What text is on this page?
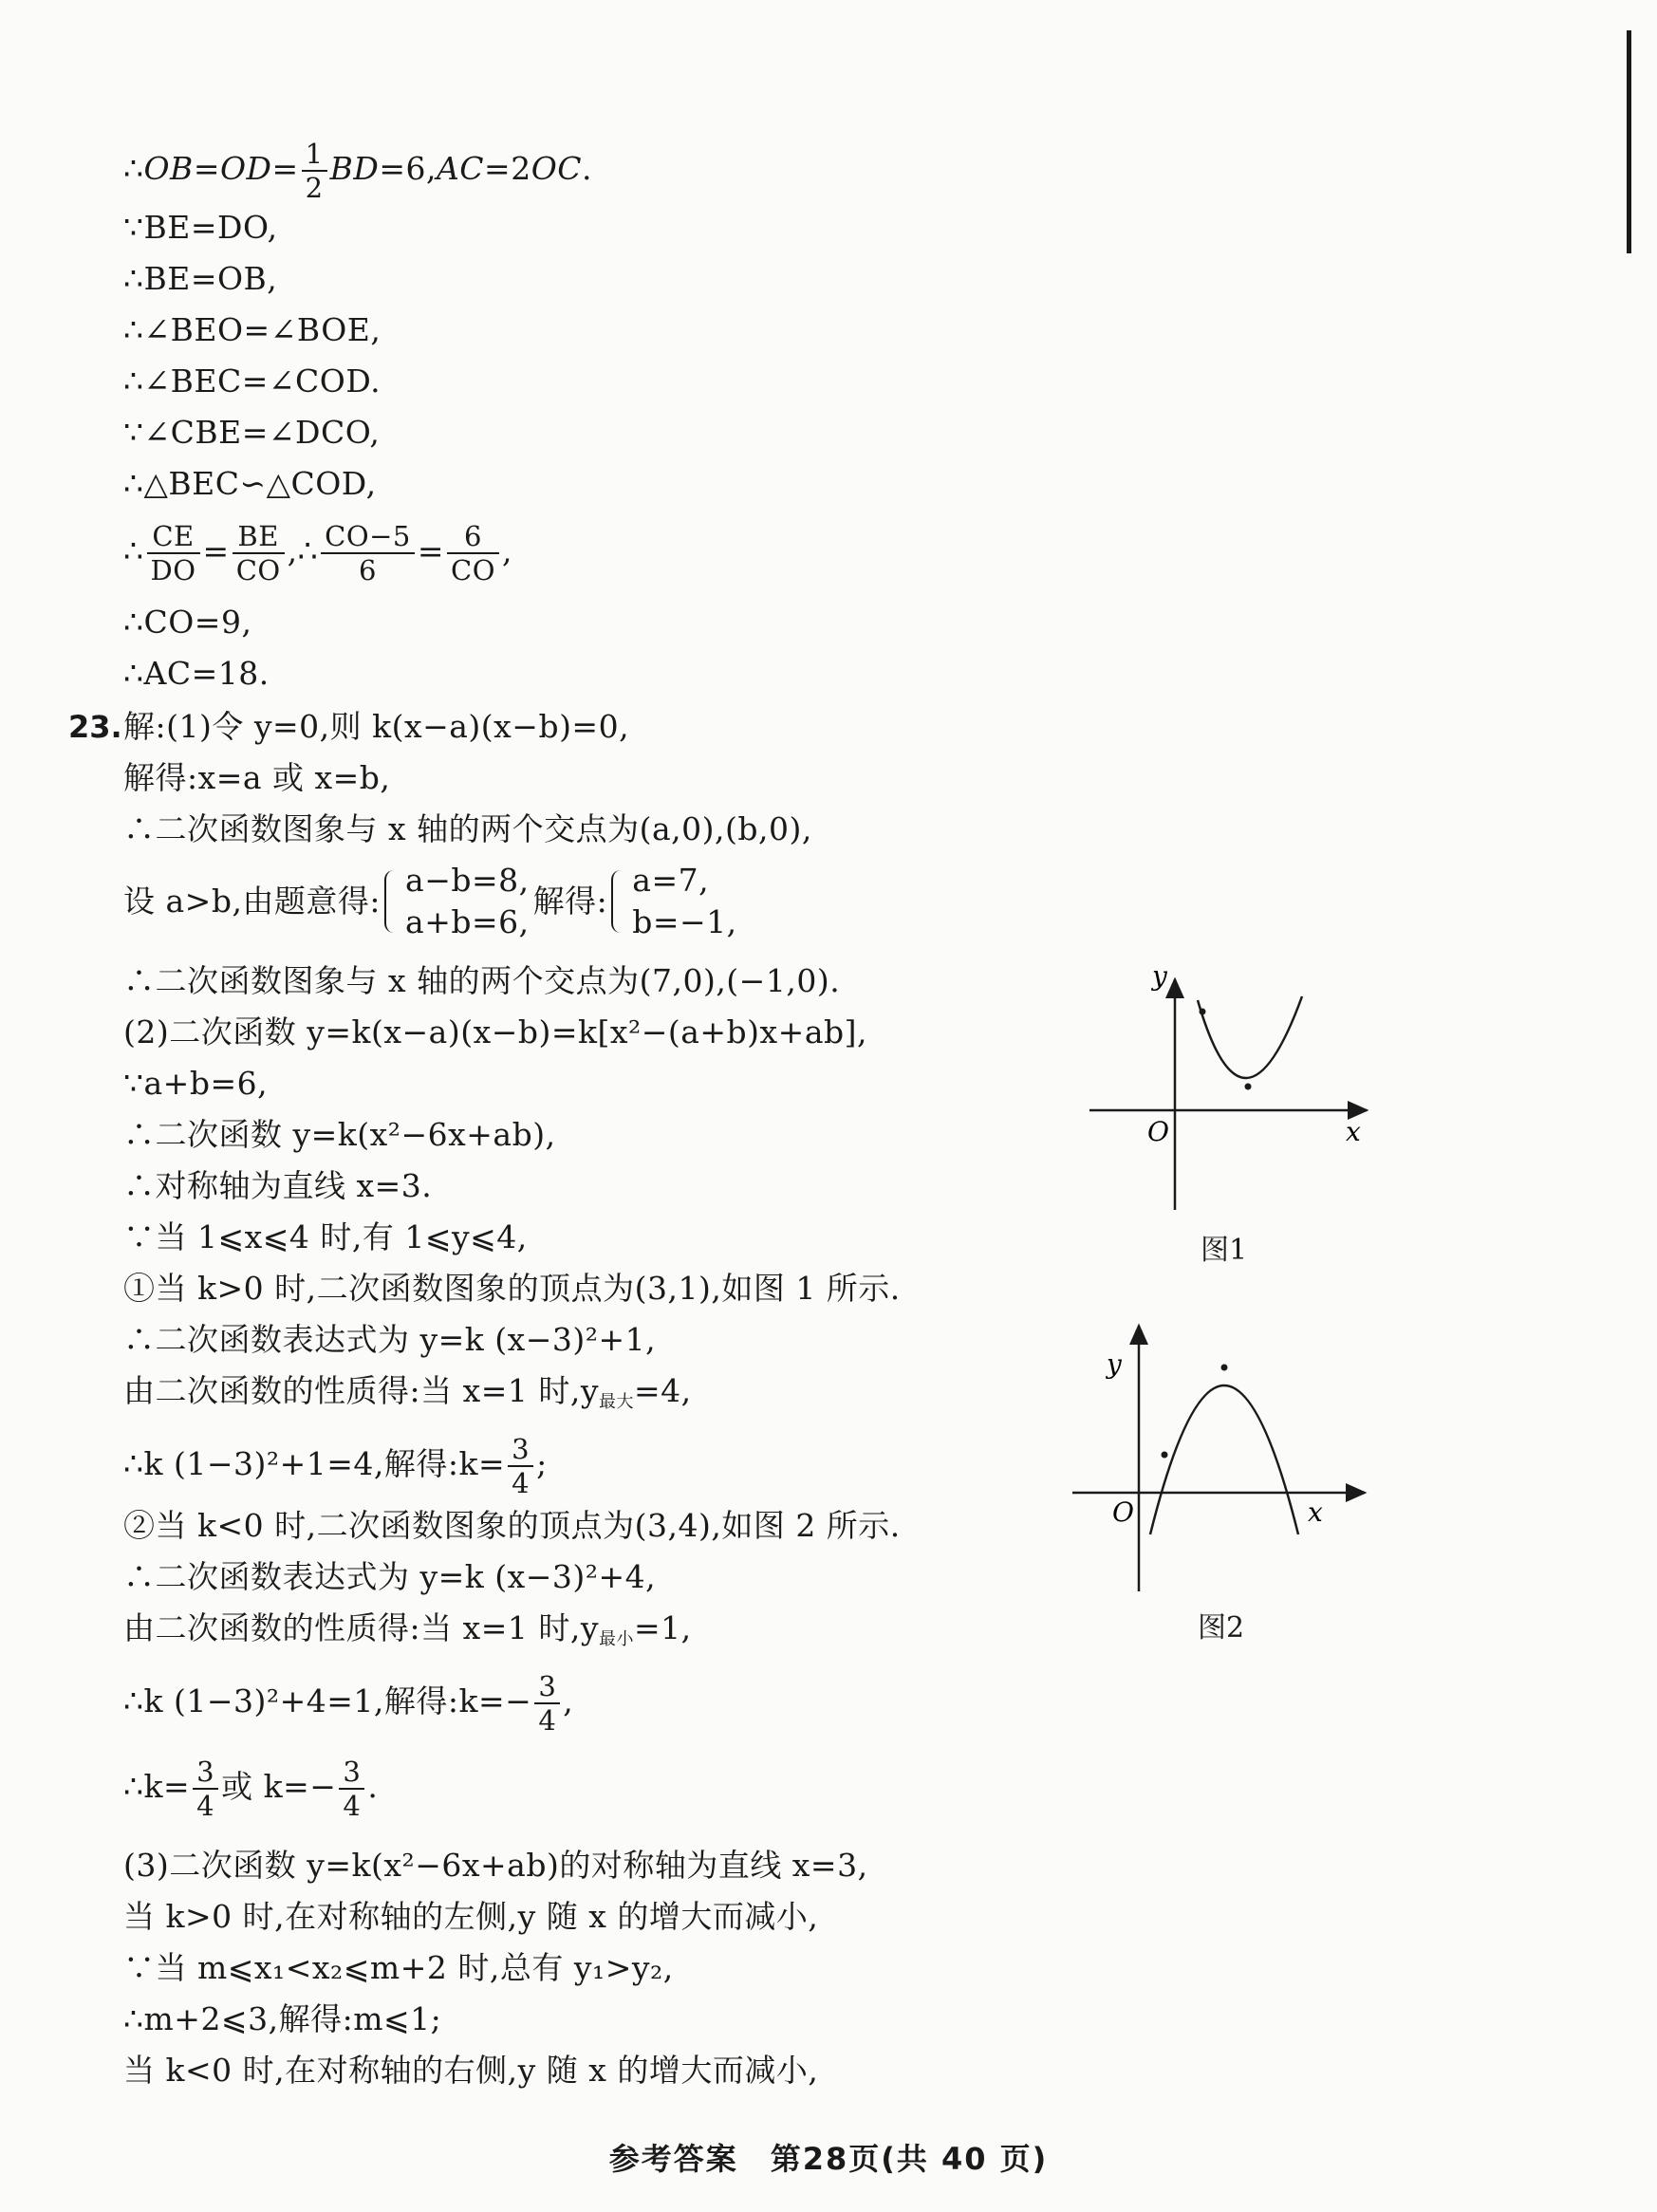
∴OB=OD= $\frac{1}{2} BD=6,AC=2OC$.
∵BE=DO,
∴BE=OB,
∴∠BEO=∠BOE,
∴∠BEC=∠COD.
∵∠CBE=∠DCO,
∴△BEC∽△COD,
∴ $\frac{CE}{DO} = \frac{BE}{CO}$ ,∴ $\frac{CO-5}{6} = \frac{6}{CO}$ ,
∴CO=9,
∴AC=18.
23. 解:(1)令 y=0,则 k(x−a)(x−b)=0,
解得:x=a 或 x=b,
∴二次函数图象与 x 轴的两个交点为(a,0),(b,0),
设 a>b,由题意得:
a−b=8,
a+b=6,
解得:
a=7,
b=−1,
∴二次函数图象与 x 轴的两个交点为(7,0),(−1,0).
(2)二次函数 y=k(x−a)(x−b)=k[x²−(a+b)x+ab],
∵a+b=6,
∴二次函数 y=k(x²−6x+ab),
∴对称轴为直线 x=3.
∵当 1⩽x⩽4 时,有 1⩽y⩽4,
①当 k>0 时,二次函数图象的顶点为(3,1),如图 1 所示.
∴二次函数表达式为 y=k (x−3)²+1,
由二次函数的性质得:当 x=1 时$,y_{最大}=4$,
∴k (1−3)²+1=4,解得:k= $\frac{3}{4}$ ;
②当 k<0 时,二次函数图象的顶点为(3,4),如图 2 所示.
∴二次函数表达式为 y=k (x−3)²+4,
由二次函数的性质得:当 x=1 时$,y_{最小}=1$,
∴k (1−3)²+4=1,解得:k=− $\frac{3}{4}$ ,
∴k= $\frac{3}{4}$ 或 $k=- \frac{3}{4}$ .
(3)二次函数 y=k(x²−6x+ab)的对称轴为直线 x=3,
当 k>0 时,在对称轴的左侧,y 随 x 的增大而减小,
∵当 m⩽x₁<x₂⩽m+2 时,总有 y₁>y₂,
∴m+2⩽3,解得:m⩽1;
当 k<0 时,在对称轴的右侧,y 随 x 的增大而减小,
y
O	x
图1
y
O	x
图2
参考答案　第28页(共 40 页)
